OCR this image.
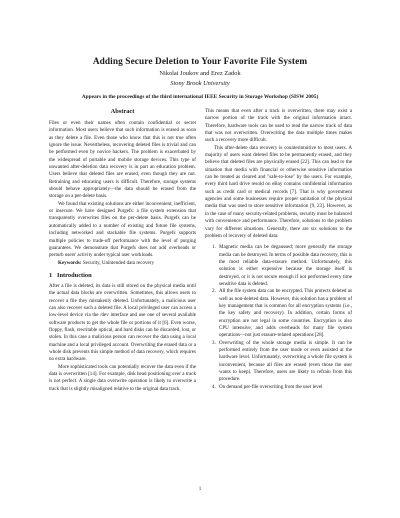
Adding Secure Deletion to Your Favorite File System
Nikolai Joukov and Erez Zadok
Stony Brook University
Appears in the proceedings of the third international IEEE Security in Storage Workshop (SISW 2005)
Abstract

Files or even their names often contain confidential or secret information. Most users believe that such information is erased as soon as they delete a file. Even those who know that this is not true often ignore the issue. Nevertheless, recovering deleted files is trivial and can be performed even by novice hackers. The problem is exacerbated by the widespread of portable and mobile storage devices. This type of unwanted after-deletion data recovery is in part an education problem. Users believe that deleted files are erased, even though they are not. Retraining and educating users is difficult. Therefore, storage systems should behave appropriately—the data should be erased from the storage on a per-delete basis.

We found that existing solutions are either inconvenient, inefficient, or insecure. We have designed Purgefs: a file system extension that transparently overwrites files on the per-delete basis. Purgefs can be automatically added to a number of existing and future file systems, including networked and stackable file systems. Purgefs supports multiple policies to trade-off performance with the level of purging guarantees. We demonstrate that Purgefs does not add overheads or perturb users' activity under typical user workloads.

Keywords: Security, Unintended data recovery

1 Introduction

After a file is deleted, its data is still stored on the physical media until the actual data blocks are overwritten. Sometimes, this allows users to recover a file they mistakenly deleted. Unfortunately, a malicious user can also recover such a deleted file. A local privileged user can access a low-level device via the /dev interface and use one of several available software products to get the whole file or portions of it [6]. Even worse, floppy, flash, rewritable optical, and hard disks can be discarded, lost, or stolen. In this case a malicious person can recover the data using a local machine and a local privileged account. Overwriting the erased data or a whole disk prevents this simple method of data recovery, which requires no extra hardware.

More sophisticated tools can potentially recover the data even if the data is overwritten [14]. For example, disk head positioning over a track is not perfect. A single data overwrite operation is likely to overwrite a track that is slightly misaligned relative to the original data track.

This means that even after a track is overwritten, there may exist a narrow portion of the track with the original information intact. Therefore, hardware tools can be used to read the narrow track of data that was not overwritten. Overwriting the data multiple times makes such a recovery more difficult.

This after-delete data recovery is counterintuitive to most users. A majority of users want deleted files to be permanently erased, and they believe that deleted files are physically erased [22]. This can lead to the situation that media with financial or otherwise sensitive information can be treated as cleared and "safe-to-lose" by the users. For example, every third hard drive resold on eBay contains confidential information such as credit card or medical records [7]. That is why government agencies and some businesses require proper sanitation of the physical media that was used to store sensitive information [9, 23]. However, as in the case of many security-related problems, security must be balanced with convenience and performance. Therefore, solutions to the problem vary for different situations. Generally, there are six solutions to the problem of recovery of deleted data:

1. Magnetic media can be degaussed; more generally the storage media can be destroyed. In terms of possible data recovery, this is the most reliable data-erasure method. Unfortunately, this solution is either expensive because the storage itself is destroyed, or it is not secure enough if not performed every time sensitive data is deleted.
2. All the file system data can be encrypted. This protects deleted as well as non-deleted data. However, this solution has a problem of key management that is common for all encryption systems (i.e., the key safety and recovery). In addition, certain forms of encryption are not legal in some countries. Encryption is also CPU intensive, and adds overheads for many file system operations—not just erasure-related operations [28].
3. Overwriting of the whole storage media is simple. It can be performed entirely from the user mode or even assisted at the hardware level. Unfortunately, overwriting a whole file system is inconvenient, because all files are erased (even those the user wants to keep). Therefore, users are likely to refrain from this procedure.
4. On demand per-file overwriting from the user level
1
